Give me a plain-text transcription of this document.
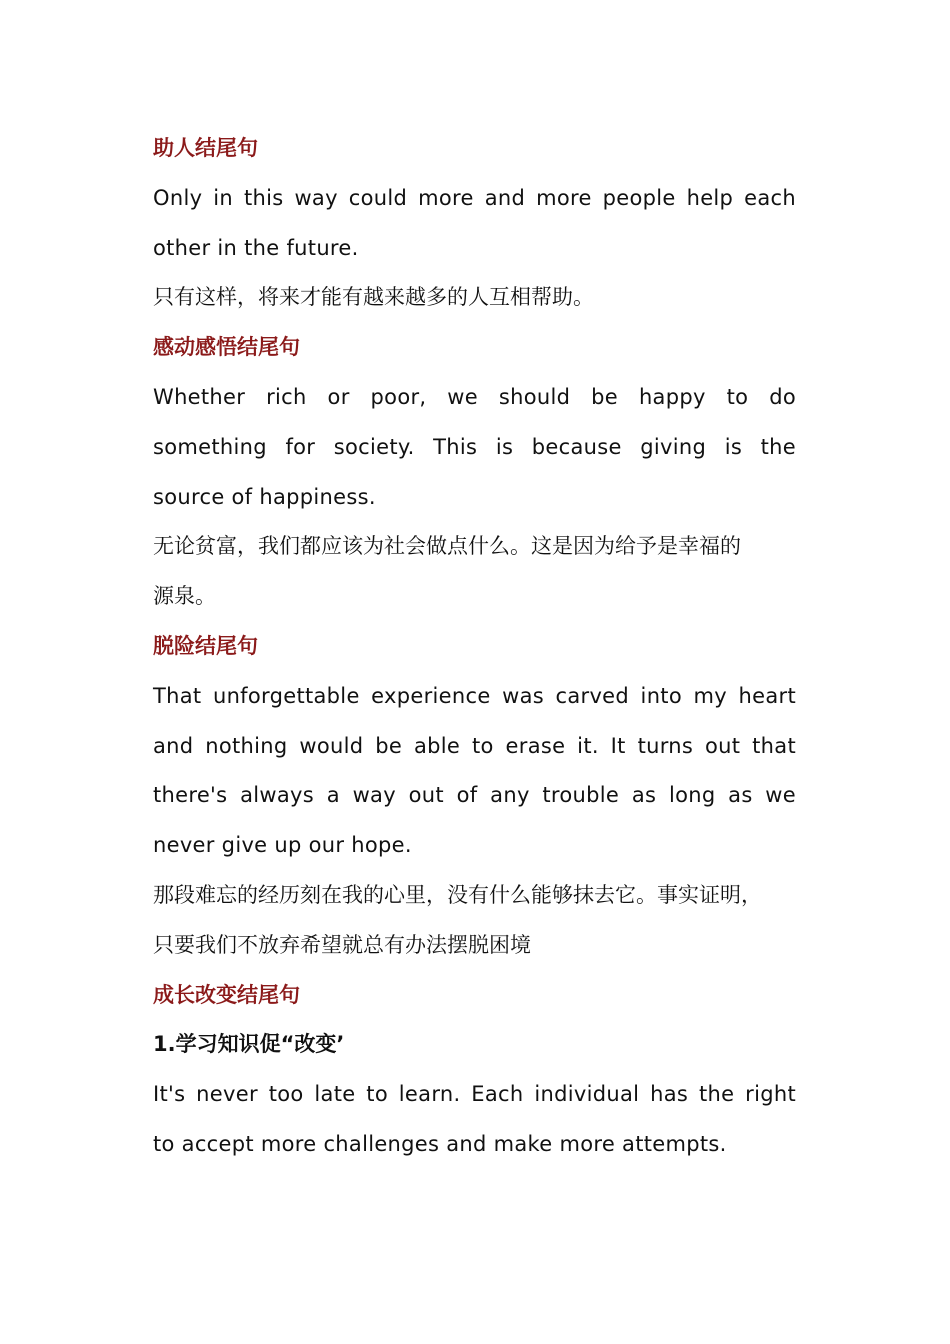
助人结尾句
Only in this way could more and more people help each
other in the future.
只有这样，将来才能有越来越多的人互相帮助。
感动感悟结尾句
Whether rich or poor, we should be happy to do
something for society. This is because giving is the
source of happiness.
无论贫富，我们都应该为社会做点什么。这是因为给予是幸福的
源泉。
脱险结尾句
That unforgettable experience was carved into my heart
and nothing would be able to erase it. It turns out that
there's always a way out of any trouble as long as we
never give up our hope.
那段难忘的经历刻在我的心里，没有什么能够抹去它。事实证明，
只要我们不放弃希望就总有办法摆脱困境
成长改变结尾句
1.学习知识促“改变’
It's never too late to learn. Each individual has the right
to accept more challenges and make more attempts.
